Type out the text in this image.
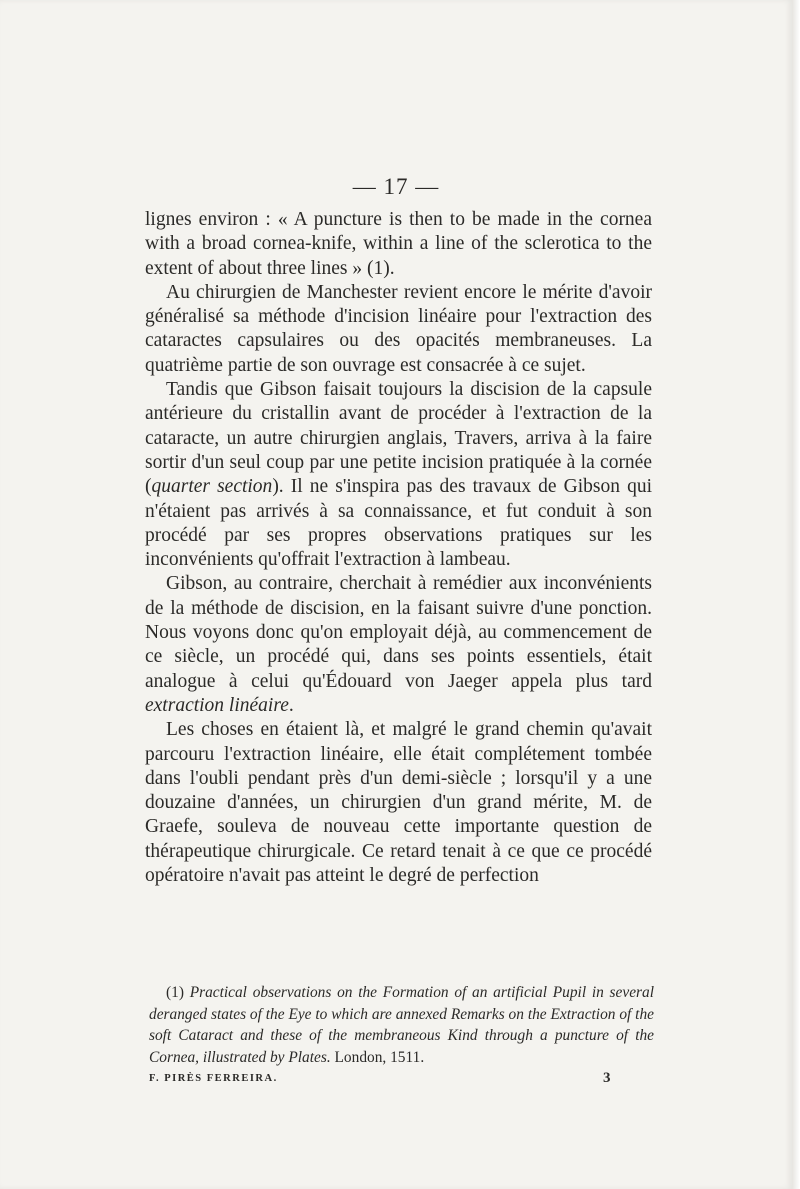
— 17 —

lignes environ : « A puncture is then to be made in the cornea with a broad cornea-knife, within a line of the sclerotica to the extent of about three lines » (1).

Au chirurgien de Manchester revient encore le mérite d'avoir généralisé sa méthode d'incision linéaire pour l'extraction des cataractes capsulaires ou des opacités membraneuses. La quatrième partie de son ouvrage est consacrée à ce sujet.

Tandis que Gibson faisait toujours la discision de la capsule antérieure du cristallin avant de procéder à l'extraction de la cataracte, un autre chirurgien anglais, Travers, arriva à la faire sortir d'un seul coup par une petite incision pratiquée à la cornée (quarter section). Il ne s'inspira pas des travaux de Gibson qui n'étaient pas arrivés à sa connaissance, et fut conduit à son procédé par ses propres observations pratiques sur les inconvénients qu'offrait l'extraction à lambeau.

Gibson, au contraire, cherchait à remédier aux inconvénients de la méthode de discision, en la faisant suivre d'une ponction. Nous voyons donc qu'on employait déjà, au commencement de ce siècle, un procédé qui, dans ses points essentiels, était analogue à celui qu'Édouard von Jaeger appela plus tard extraction linéaire.

Les choses en étaient là, et malgré le grand chemin qu'avait parcouru l'extraction linéaire, elle était complétement tombée dans l'oubli pendant près d'un demi-siècle ; lorsqu'il y a une douzaine d'années, un chirurgien d'un grand mérite, M. de Graefe, souleva de nouveau cette importante question de thérapeutique chirurgicale. Ce retard tenait à ce que ce procédé opératoire n'avait pas atteint le degré de perfection

(1) Practical observations on the Formation of an artificial Pupil in several deranged states of the Eye to which are annexed Remarks on the Extraction of the soft Cataract and these of the membraneous Kind through a puncture of the Cornea, illustrated by Plates. London, 1511.
F. PIRÈS FERREIRA.	3
